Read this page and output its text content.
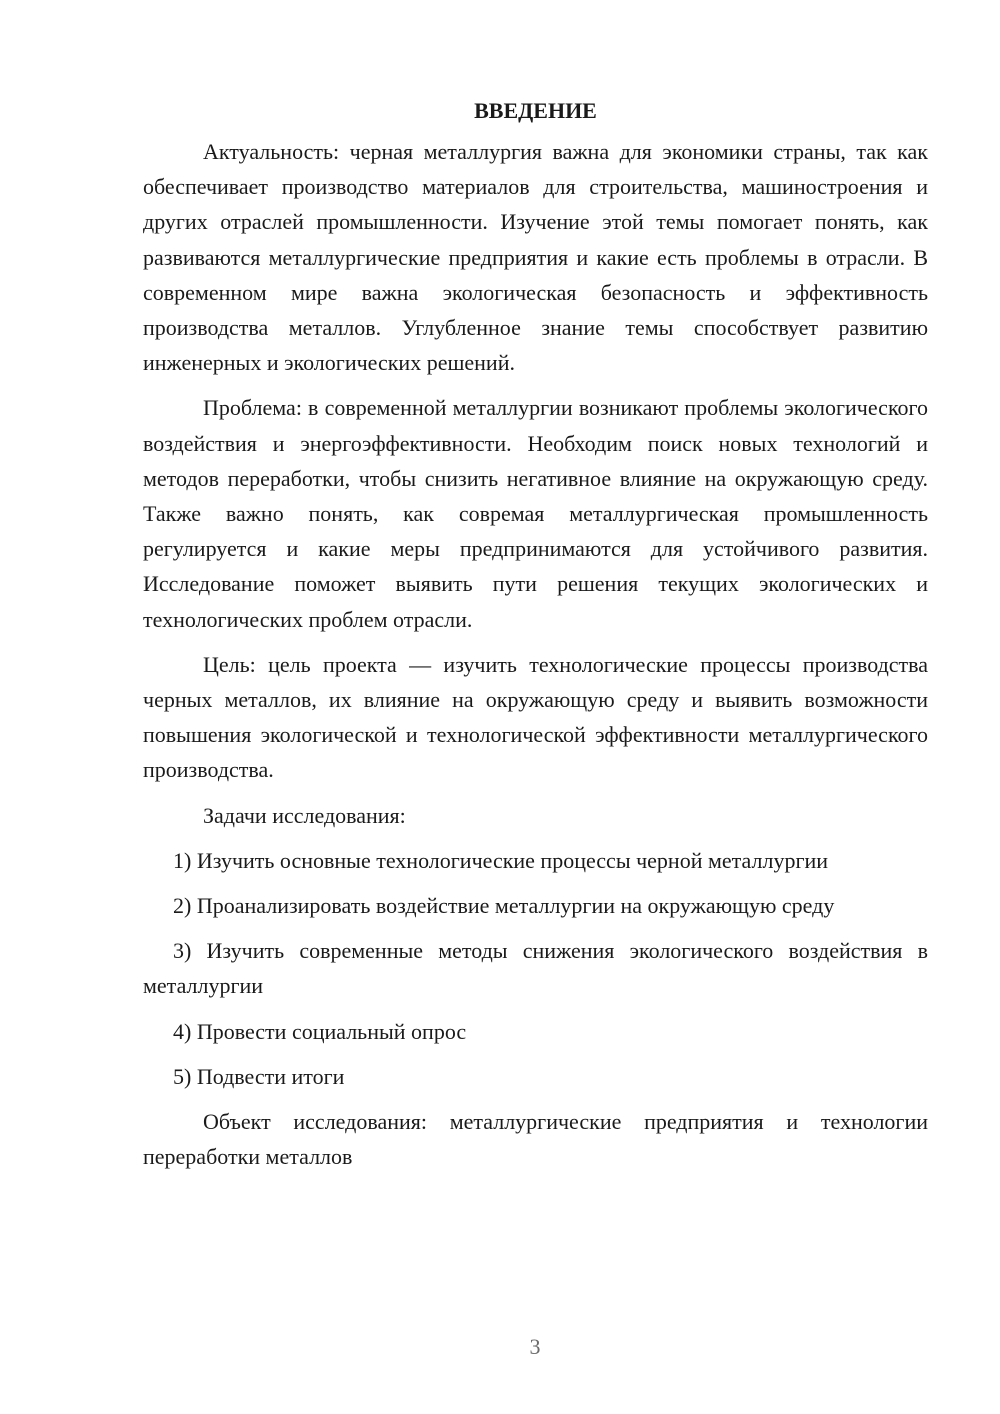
ВВЕДЕНИЕ

Актуальность: черная металлургия важна для экономики страны, так как обеспечивает производство материалов для строительства, машиностроения и других отраслей промышленности. Изучение этой темы помогает понять, как развиваются металлургические предприятия и какие есть проблемы в отрасли. В современном мире важна экологическая безопасность и эффективность производства металлов. Углубленное знание темы способствует развитию инженерных и экологических решений.

Проблема: в современной металлургии возникают проблемы экологического воздействия и энергоэффективности. Необходим поиск новых технологий и методов переработки, чтобы снизить негативное влияние на окружающую среду. Также важно понять, как совремая металлургическая промышленность регулируется и какие меры предпринимаются для устойчивого развития. Исследование поможет выявить пути решения текущих экологических и технологических проблем отрасли.

Цель: цель проекта — изучить технологические процессы производства черных металлов, их влияние на окружающую среду и выявить возможности повышения экологической и технологической эффективности металлургического производства.

Задачи исследования:

1) Изучить основные технологические процессы черной металлургии

2) Проанализировать воздействие металлургии на окружающую среду

3) Изучить современные методы снижения экологического воздействия в металлургии

4) Провести социальный опрос

5) Подвести итоги

Объект исследования: металлургические предприятия и технологии переработки металлов

3
